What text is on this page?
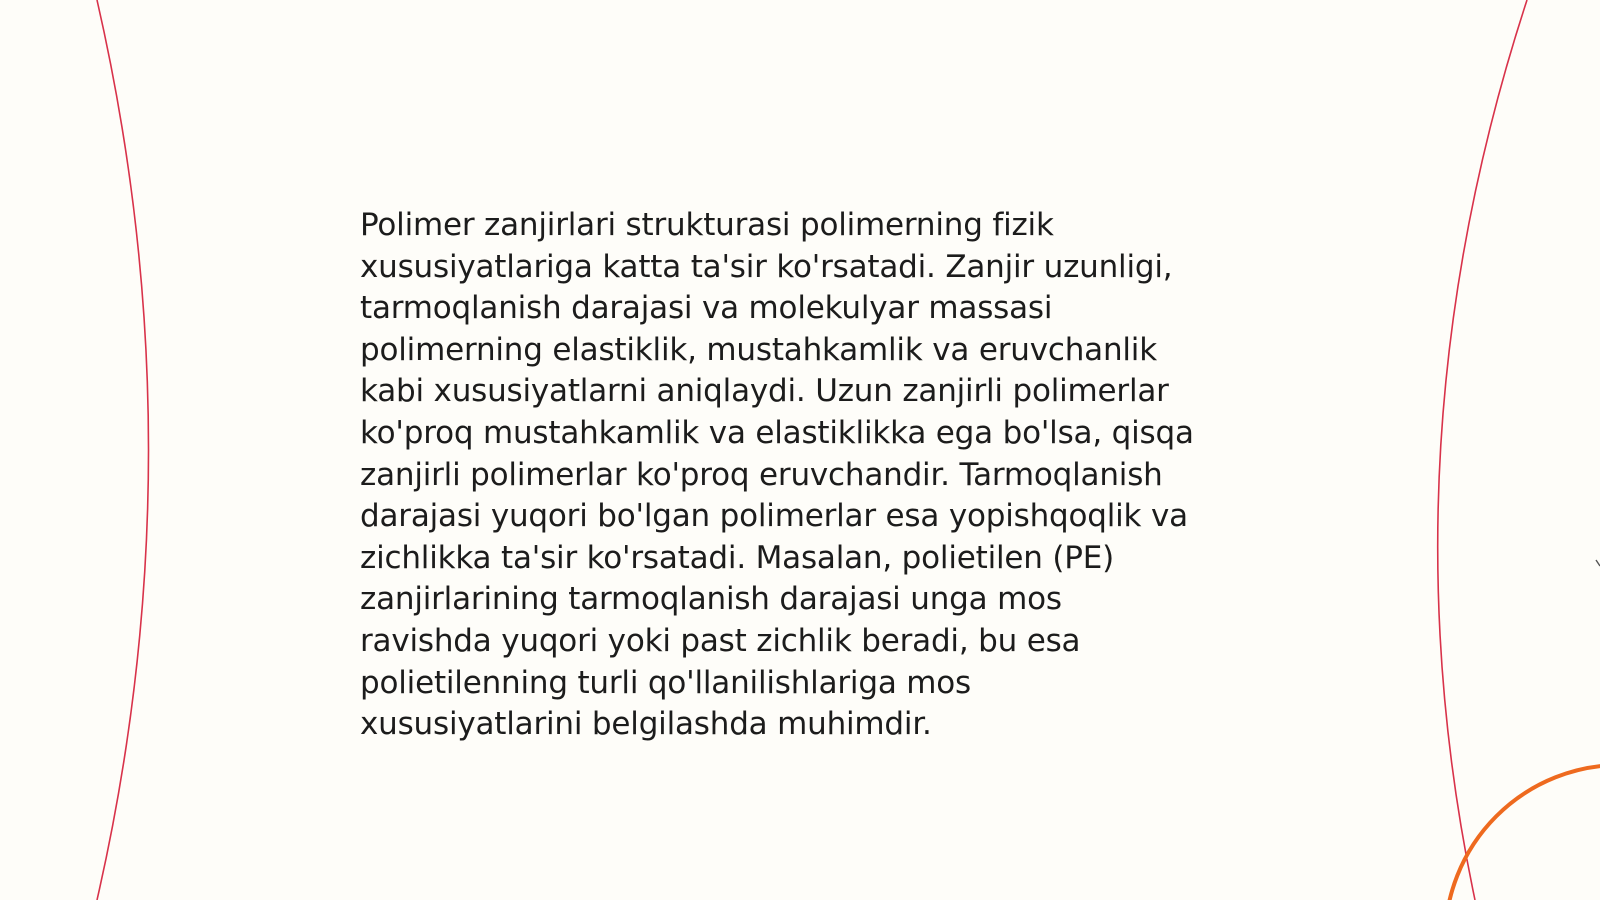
Polimer zanjirlari strukturasi polimerning fizik
xususiyatlariga katta ta'sir ko'rsatadi. Zanjir uzunligi,
tarmoqlanish darajasi va molekulyar massasi
polimerning elastiklik, mustahkamlik va eruvchanlik
kabi xususiyatlarni aniqlaydi. Uzun zanjirli polimerlar
ko'proq mustahkamlik va elastiklikka ega bo'lsa, qisqa
zanjirli polimerlar ko'proq eruvchandir. Tarmoqlanish
darajasi yuqori bo'lgan polimerlar esa yopishqoqlik va
zichlikka ta'sir ko'rsatadi. Masalan, polietilen (PE)
zanjirlarining tarmoqlanish darajasi unga mos
ravishda yuqori yoki past zichlik beradi, bu esa
polietilenning turli qo'llanilishlariga mos
xususiyatlarini belgilashda muhimdir.
